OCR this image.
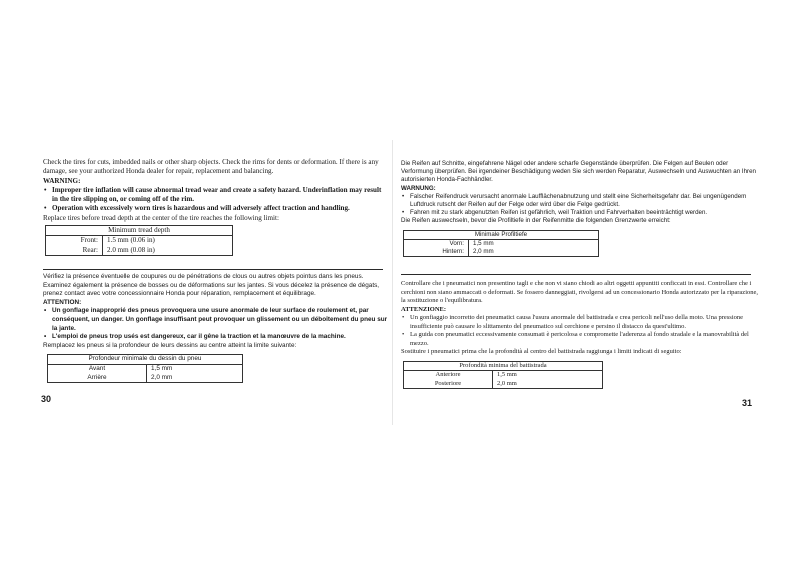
Check the tires for cuts, imbedded nails or other sharp objects. Check the rims for dents or deformation. If there is any damage, see your authorized Honda dealer for repair, replacement and balancing.

WARNING:

• Improper tire inflation will cause abnormal tread wear and create a safety hazard. Underinflation may result in the tire slipping on, or coming off of the rim.
• Operation with excessively worn tires is hazardous and will adversely affect traction and handling.

Replace tires before tread depth at the center of the tire reaches the following limit:

Minimum tread depth	
Front:	1.5 mm (0.06 in)
Rear:	2.0 mm (0.08 in)

Vérifiez la présence éventuelle de coupures ou de pénétrations de clous ou autres objets pointus dans les pneus. Examinez également la présence de bosses ou de déformations sur les jantes. Si vous décelez la présence de dégats, prenez contact avec votre concessionnaire Honda pour réparation, remplacement et équilibrage.

ATTENTION:

• Un gonflage inapproprié des pneus provoquera une usure anormale de leur surface de roulement et, par conséquent, un danger. Un gonflage insuffisant peut provoquer un glissement ou un déboîtement du pneu sur la jante.
• L'emploi de pneus trop usés est dangereux, car il gêne la traction et la manœuvre de la machine.

Remplacez les pneus si la profondeur de leurs dessins au centre atteint la limite suivante:

Profondeur minimale du dessin du pneu	
Avant	1,5 mm
Arrière	2,0 mm
30

Die Reifen auf Schnitte, eingefahrene Nägel oder andere scharfe Gegenstände überprüfen. Die Felgen auf Beulen oder Verformung überprüfen. Bei irgendeiner Beschädigung weden Sie sich werden Reparatur, Auswechseln und Auswuchten an Ihren autorisierten Honda-Fachhändler.

WARNUNG:

• Falscher Reifendruck verursacht anormale Laufflächenabnutzung und stellt eine Sicherheitsgefahr dar. Bei ungenügendem Luftdruck rutscht der Reifen auf der Felge oder wird über die Felge gedrückt.
• Fahren mit zu stark abgenutzten Reifen ist gefährlich, weil Traktion und Fahrverhalten beeinträchtigt werden.

Die Reifen auswechseln, bevor die Profiltiefe in der Reifenmitte die folgenden Grenzwerte erreicht:

Minimale Profiltiefe	
Vorn:	1,5 mm
Hintern:	2,0 mm

Controllare che i pneumatici non presentino tagli e che non vi siano chiodi ao altri oggetti appuntiti conficcati in essi. Controllare che i cerchioni non siano ammaccati o deformati. Se fossero danneggiati, rivolgersi ad un concessionario Honda autorizzato per la riparazione, la sostituzione o l'equilibratura.

ATTENZIONE:

• Un gonfiaggio incorretto dei pneumatici causa l'usura anormale del battistrada e crea pericoli nell'uso della moto. Una pressione insufficiente può causare lo slittamento del pneumatico sul cerchione e persino il distacco da quest'ultimo.
• La guida con pneumatici eccessivamente consumati è pericolosa e compromette l'aderenza al fondo stradale e la manovrabilità del mezzo.

Sostituire i pneumatici prima che la profondità al centro del battistrada raggiunga i limiti indicati di seguito:

Profondità minima del battistrada	
Anteriore	1,5 mm
Posteriore	2,0 mm
31
